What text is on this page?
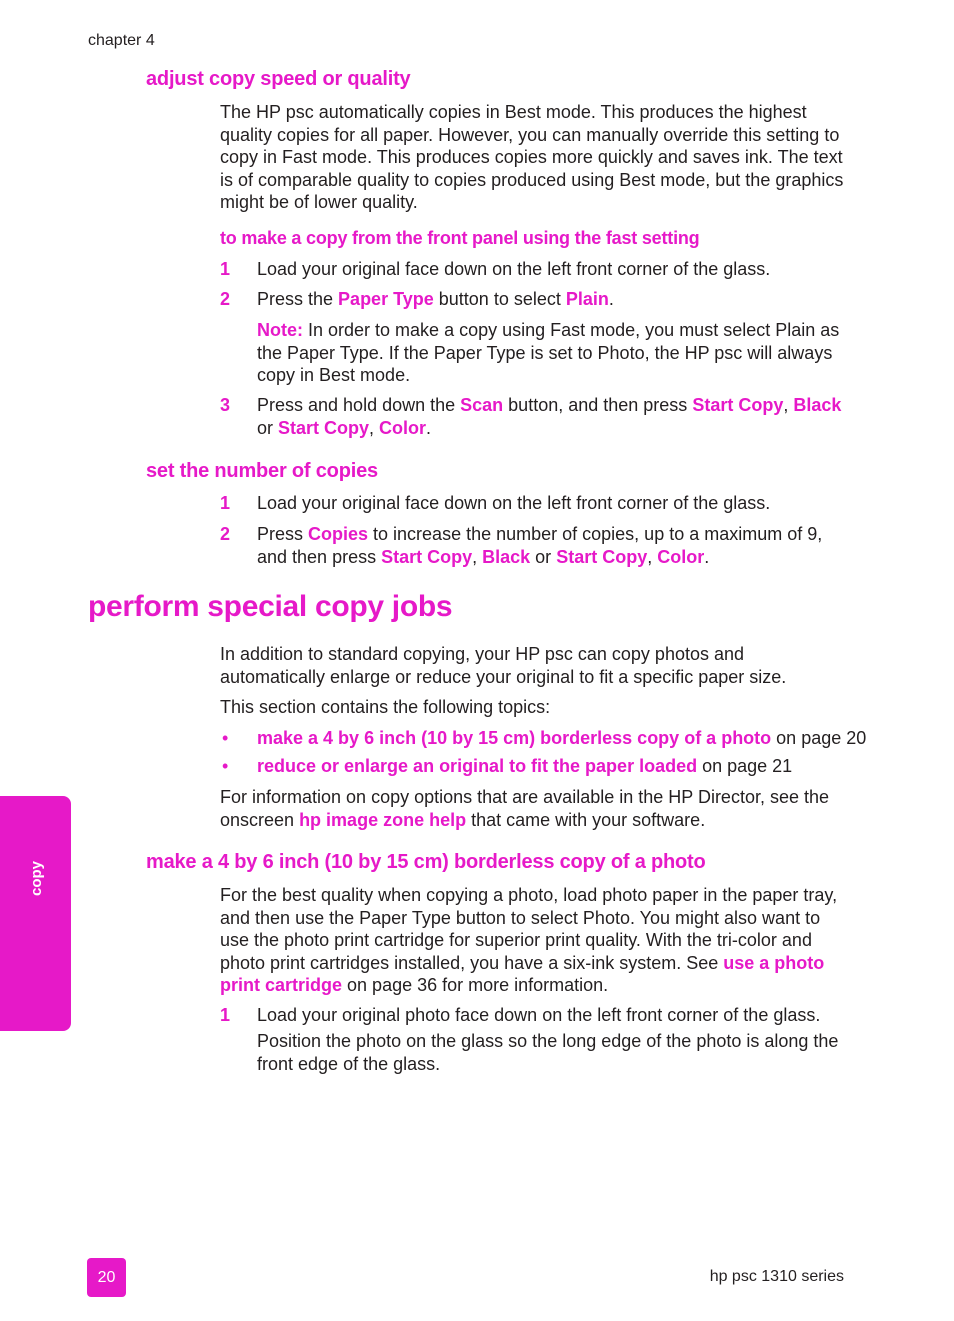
chapter 4
adjust copy speed or quality
The HP psc automatically copies in Best mode. This produces the highest quality copies for all paper. However, you can manually override this setting to copy in Fast mode. This produces copies more quickly and saves ink. The text is of comparable quality to copies produced using Best mode, but the graphics might be of lower quality.
to make a copy from the front panel using the fast setting
1 Load your original face down on the left front corner of the glass.
2 Press the Paper Type button to select Plain.
Note: In order to make a copy using Fast mode, you must select Plain as the Paper Type. If the Paper Type is set to Photo, the HP psc will always copy in Best mode.
3 Press and hold down the Scan button, and then press Start Copy, Black or Start Copy, Color.
set the number of copies
1 Load your original face down on the left front corner of the glass.
2 Press Copies to increase the number of copies, up to a maximum of 9, and then press Start Copy, Black or Start Copy, Color.
perform special copy jobs
In addition to standard copying, your HP psc can copy photos and automatically enlarge or reduce your original to fit a specific paper size.
This section contains the following topics:
• make a 4 by 6 inch (10 by 15 cm) borderless copy of a photo on page 20
• reduce or enlarge an original to fit the paper loaded on page 21
For information on copy options that are available in the HP Director, see the onscreen hp image zone help that came with your software.
make a 4 by 6 inch (10 by 15 cm) borderless copy of a photo
For the best quality when copying a photo, load photo paper in the paper tray, and then use the Paper Type button to select Photo. You might also want to use the photo print cartridge for superior print quality. With the tri-color and photo print cartridges installed, you have a six-ink system. See use a photo print cartridge on page 36 for more information.
1 Load your original photo face down on the left front corner of the glass.
Position the photo on the glass so the long edge of the photo is along the front edge of the glass.
copy
20	hp psc 1310 series
